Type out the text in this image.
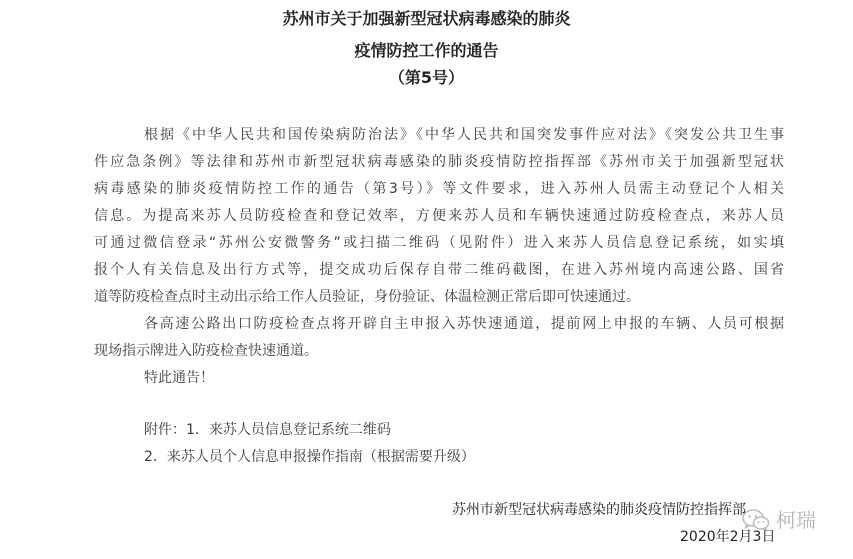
苏州市关于加强新型冠状病毒感染的肺炎
疫情防控工作的通告
（第5号）
根据《中华人民共和国传染病防治法》《中华人民共和国突发事件应对法》《突发公共卫生事
件应急条例》等法律和苏州市新型冠状病毒感染的肺炎疫情防控指挥部《苏州市关于加强新型冠状
病毒感染的肺炎疫情防控工作的通告（第3号）》等文件要求，进入苏州人员需主动登记个人相关
信息。为提高来苏人员防疫检查和登记效率，方便来苏人员和车辆快速通过防疫检查点，来苏人员
可通过微信登录“苏州公安微警务”或扫描二维码（见附件）进入来苏人员信息登记系统，如实填
报个人有关信息及出行方式等，提交成功后保存自带二维码截图，在进入苏州境内高速公路、国省
道等防疫检查点时主动出示给工作人员验证，身份验证、体温检测正常后即可快速通过。
各高速公路出口防疫检查点将开辟自主申报入苏快速通道，提前网上申报的车辆、人员可根据
现场指示牌进入防疫检查快速通道。
特此通告！
附件：1．来苏人员信息登记系统二维码
2．来苏人员个人信息申报操作指南（根据需要升级）
苏州市新型冠状病毒感染的肺炎疫情防控指挥部
2020年2月3日
柯瑞
